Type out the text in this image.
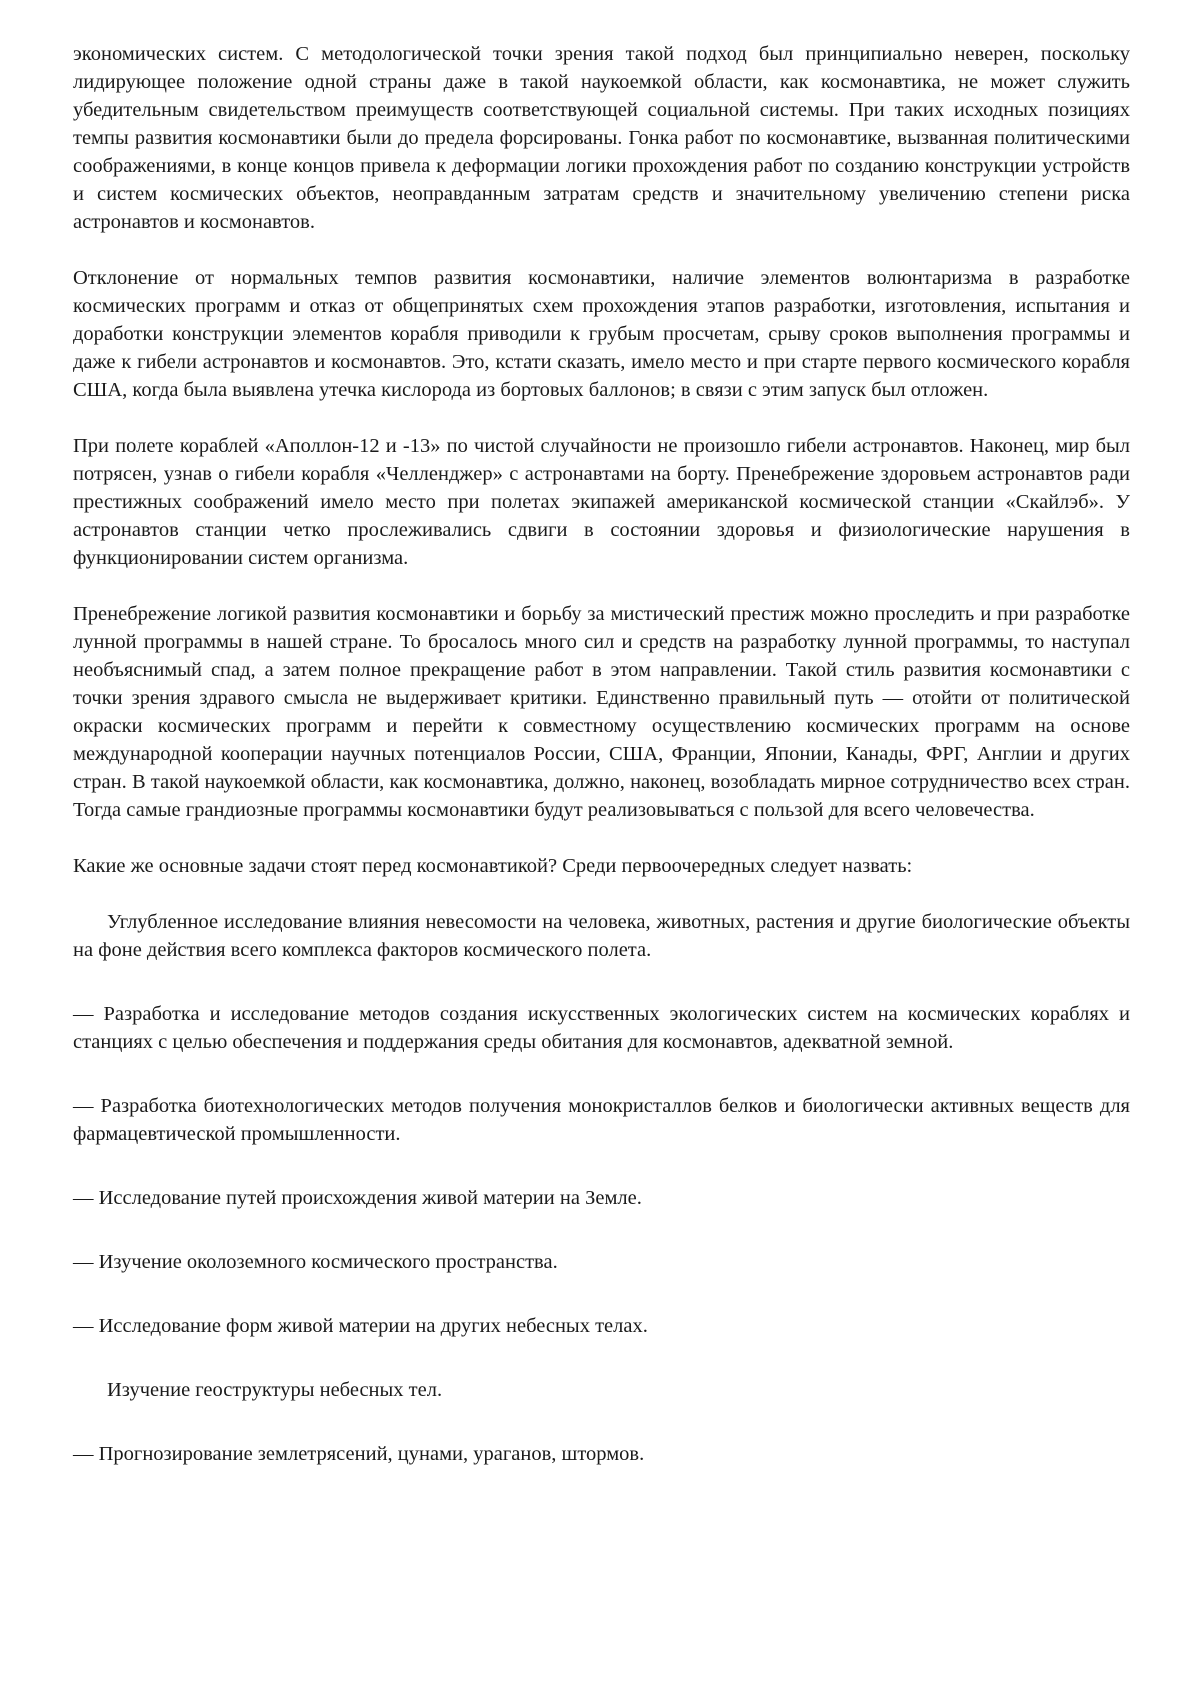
экономических систем. С методологической точки зрения такой подход был принципиально неверен, поскольку лидирующее положение одной страны даже в такой наукоемкой области, как космонавтика, не может служить убедительным свидетельством преимуществ соответствующей социальной системы. При таких исходных позициях темпы развития космонавтики были до предела форсированы. Гонка работ по космонавтике, вызванная политическими соображениями, в конце концов привела к деформации логики прохождения работ по созданию конструкции устройств и систем космических объектов, неоправданным затратам средств и значительному увеличению степени риска астронавтов и космонавтов.

Отклонение от нормальных темпов развития космонавтики, наличие элементов волюнтаризма в разработке космических программ и отказ от общепринятых схем прохождения этапов разработки, изготовления, испытания и доработки конструкции элементов корабля приводили к грубым просчетам, срыву сроков выполнения программы и даже к гибели астронавтов и космонавтов. Это, кстати сказать, имело место и при старте первого космического корабля США, когда была выявлена утечка кислорода из бортовых баллонов; в связи с этим запуск был отложен.

При полете кораблей «Аполлон-12 и -13» по чистой случайности не произошло гибели астронавтов. Наконец, мир был потрясен, узнав о гибели корабля «Челленджер» с астронавтами на борту. Пренебрежение здоровьем астронавтов ради престижных соображений имело место при полетах экипажей американской космической станции «Скайлэб». У астронавтов станции четко прослеживались сдвиги в состоянии здоровья и физиологические нарушения в функционировании систем организма.

Пренебрежение логикой развития космонавтики и борьбу за мистический престиж можно проследить и при разработке лунной программы в нашей стране. То бросалось много сил и средств на разработку лунной программы, то наступал необъяснимый спад, а затем полное прекращение работ в этом направлении. Такой стиль развития космонавтики с точки зрения здравого смысла не выдерживает критики. Единственно правильный путь — отойти от политической окраски космических программ и перейти к совместному осуществлению космических программ на основе международной кооперации научных потенциалов России, США, Франции, Японии, Канады, ФРГ, Англии и других стран. В такой наукоемкой области, как космонавтика, должно, наконец, возобладать мирное сотрудничество всех стран. Тогда самые грандиозные программы космонавтики будут реализовываться с пользой для всего человечества.

Какие же основные задачи стоят перед космонавтикой? Среди первоочередных следует назвать:

Углубленное исследование влияния невесомости на человека, животных, растения и другие биологические объекты на фоне действия всего комплекса факторов космического полета.

— Разработка и исследование методов создания искусственных экологических систем на космических кораблях и станциях с целью обеспечения и поддержания среды обитания для космонавтов, адекватной земной.

— Разработка биотехнологических методов получения монокристаллов белков и биологически активных веществ для фармацевтической промышленности.

— Исследование путей происхождения живой материи на Земле.

— Изучение околоземного космического пространства.

— Исследование форм живой материи на других небесных телах.

Изучение геоструктуры небесных тел.

— Прогнозирование землетрясений, цунами, ураганов, штормов.
